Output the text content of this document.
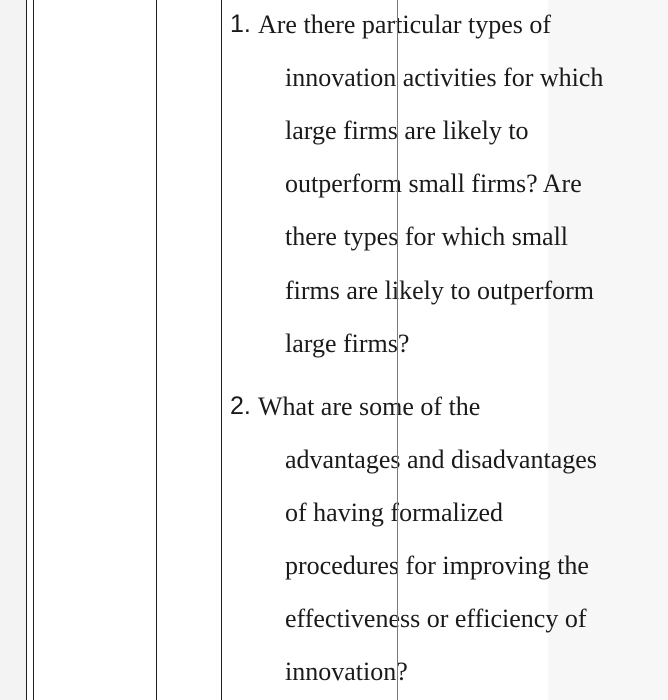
1. Are there particular types of
innovation activities for which
large firms are likely to
outperform small firms? Are
there types for which small
firms are likely to outperform
large firms?
2. What are some of the
advantages and disadvantages
of having formalized
procedures for improving the
effectiveness or efficiency of
innovation?
